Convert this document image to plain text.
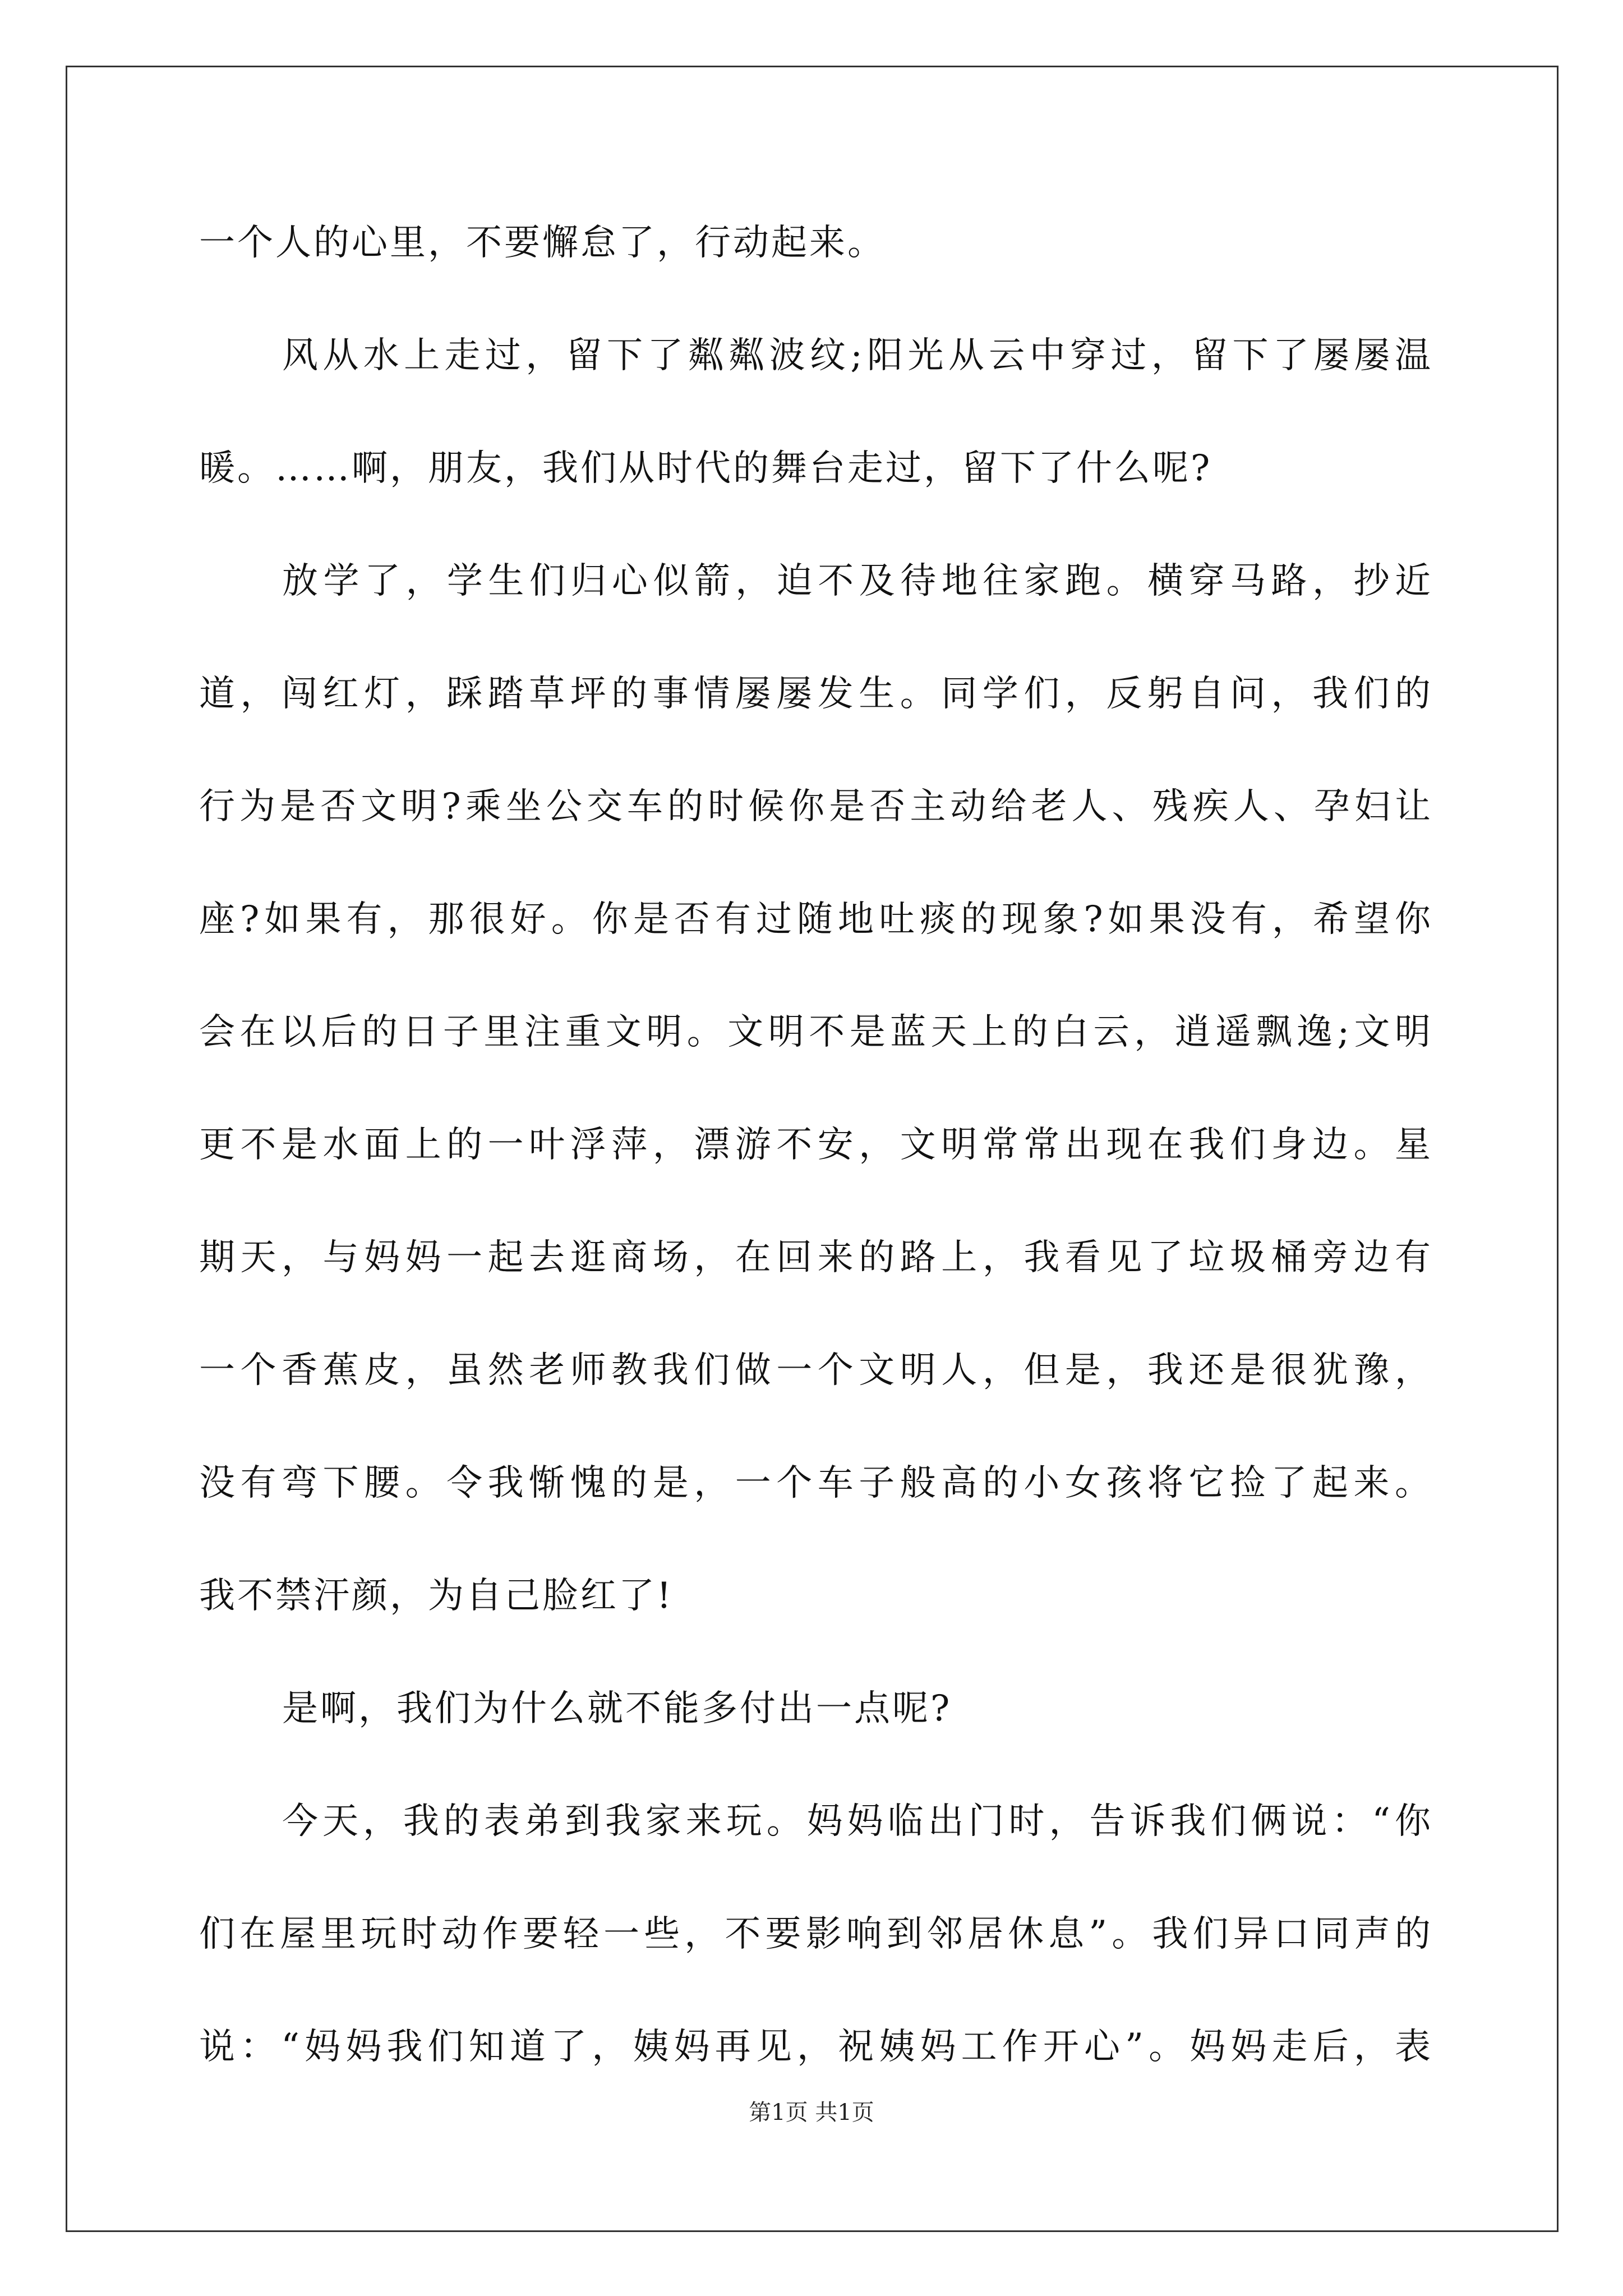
一个人的心里，不要懈怠了，行动起来。
风从水上走过，留下了粼粼波纹;阳光从云中穿过，留下了屡屡温
暖。……啊，朋友，我们从时代的舞台走过，留下了什么呢?
放学了，学生们归心似箭，迫不及待地往家跑。横穿马路，抄近
道，闯红灯，踩踏草坪的事情屡屡发生。同学们，反躬自问，我们的
行为是否文明?乘坐公交车的时候你是否主动给老人、残疾人、孕妇让
座?如果有，那很好。你是否有过随地吐痰的现象?如果没有，希望你
会在以后的日子里注重文明。文明不是蓝天上的白云，逍遥飘逸;文明
更不是水面上的一叶浮萍，漂游不安，文明常常出现在我们身边。星
期天，与妈妈一起去逛商场，在回来的路上，我看见了垃圾桶旁边有
一个香蕉皮，虽然老师教我们做一个文明人，但是，我还是很犹豫，
没有弯下腰。令我惭愧的是，一个车子般高的小女孩将它捡了起来。
我不禁汗颜，为自己脸红了!
是啊，我们为什么就不能多付出一点呢?
今天，我的表弟到我家来玩。妈妈临出门时，告诉我们俩说：“你
们在屋里玩时动作要轻一些，不要影响到邻居休息”。我们异口同声的
说：“妈妈我们知道了，姨妈再见，祝姨妈工作开心”。妈妈走后，表
第1页 共1页
